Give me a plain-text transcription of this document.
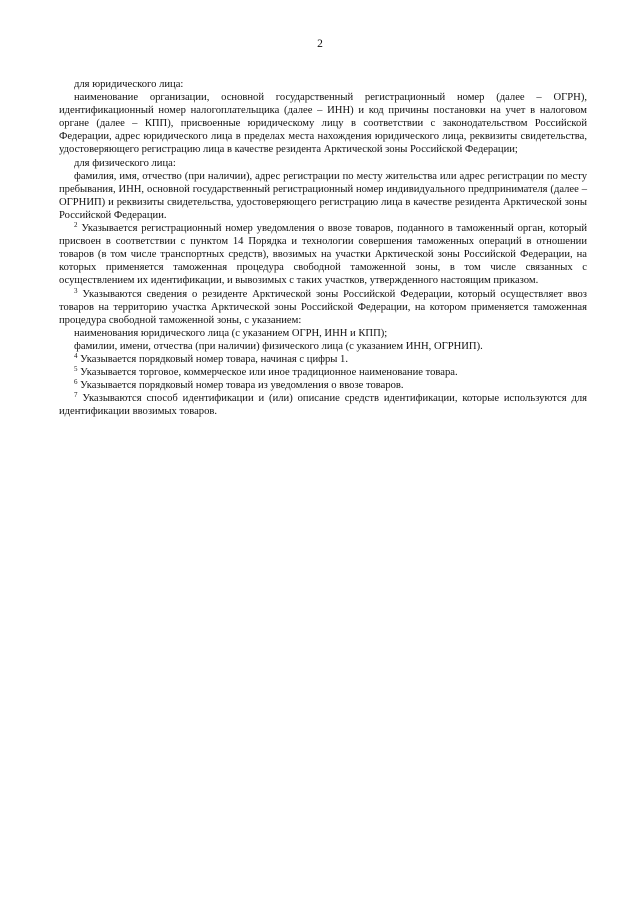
2

для юридического лица:

наименование организации, основной государственный регистрационный номер (далее – ОГРН), идентификационный номер налогоплательщика (далее – ИНН) и код причины постановки на учет в налоговом органе (далее – КПП), присвоенные юридическому лицу в соответствии с законодательством Российской Федерации, адрес юридического лица в пределах места нахождения юридического лица, реквизиты свидетельства, удостоверяющего регистрацию лица в качестве резидента Арктической зоны Российской Федерации;

для физического лица:

фамилия, имя, отчество (при наличии), адрес регистрации по месту жительства или адрес регистрации по месту пребывания, ИНН, основной государственный регистрационный номер индивидуального предпринимателя (далее – ОГРНИП) и реквизиты свидетельства, удостоверяющего регистрацию лица в качестве резидента Арктической зоны Российской Федерации.

$^2$ Указывается регистрационный номер уведомления о ввозе товаров, поданного в таможенный орган, который присвоен в соответствии с пунктом 14 Порядка и технологии совершения таможенных операций в отношении товаров (в том числе транспортных средств), ввозимых на участки Арктической зоны Российской Федерации, на которых применяется таможенная процедура свободной таможенной зоны, в том числе связанных с осуществлением их идентификации, и вывозимых с таких участков, утвержденного настоящим приказом.

$^3$ Указываются сведения о резиденте Арктической зоны Российской Федерации, который осуществляет ввоз товаров на территорию участка Арктической зоны Российской Федерации, на котором применяется таможенная процедура свободной таможенной зоны, с указанием:

наименования юридического лица (с указанием ОГРН, ИНН и КПП);

фамилии, имени, отчества (при наличии) физического лица (с указанием ИНН, ОГРНИП).

$^4$ Указывается порядковый номер товара, начиная с цифры 1.

$^5$ Указывается торговое, коммерческое или иное традиционное наименование товара.

$^6$ Указывается порядковый номер товара из уведомления о ввозе товаров.

$^7$ Указываются способ идентификации и (или) описание средств идентификации, которые используются для идентификации ввозимых товаров.
